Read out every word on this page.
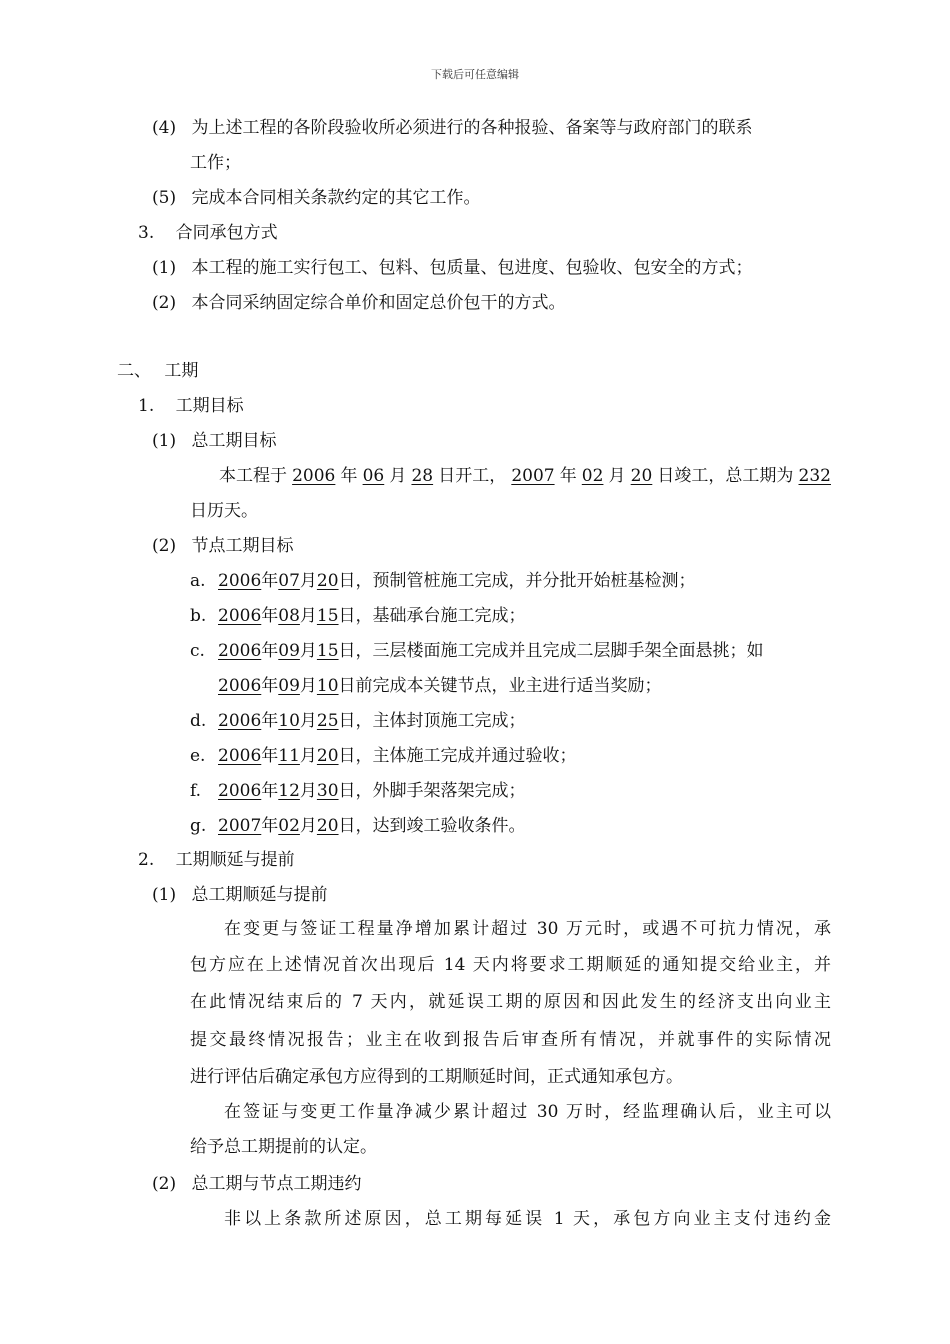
下载后可任意编辑
(4) 为上述工程的各阶段验收所必须进行的各种报验、备案等与政府部门的联系
工作；
(5) 完成本合同相关条款约定的其它工作。
3. 合同承包方式
(1) 本工程的施工实行包工、包料、包质量、包进度、包验收、包安全的方式；
(2) 本合同采纳固定综合单价和固定总价包干的方式。
二、 工期
1. 工期目标
(1) 总工期目标
本工程于 2006 年 06 月 28 日开工， 2007 年 02 月 20 日竣工，总工期为 232
日历天。
(2) 节点工期目标
a. 2006年07月20日，预制管桩施工完成，并分批开始桩基检测；
b. 2006年08月15日，基础承台施工完成；
c. 2006年09月15日，三层楼面施工完成并且完成二层脚手架全面悬挑；如
2006年09月10日前完成本关键节点，业主进行适当奖励；
d. 2006年10月25日，主体封顶施工完成；
e. 2006年11月20日，主体施工完成并通过验收；
f. 2006年12月30日，外脚手架落架完成；
g. 2007年02月20日，达到竣工验收条件。
2. 工期顺延与提前
(1) 总工期顺延与提前
在变更与签证工程量净增加累计超过 30 万元时，或遇不可抗力情况，承
包方应在上述情况首次出现后 14 天内将要求工期顺延的通知提交给业主，并
在此情况结束后的 7 天内，就延误工期的原因和因此发生的经济支出向业主
提交最终情况报告；业主在收到报告后审查所有情况，并就事件的实际情况
进行评估后确定承包方应得到的工期顺延时间，正式通知承包方。
在签证与变更工作量净减少累计超过 30 万时，经监理确认后，业主可以
给予总工期提前的认定。
(2) 总工期与节点工期违约
非以上条款所述原因，总工期每延误 1 天，承包方向业主支付违约金
